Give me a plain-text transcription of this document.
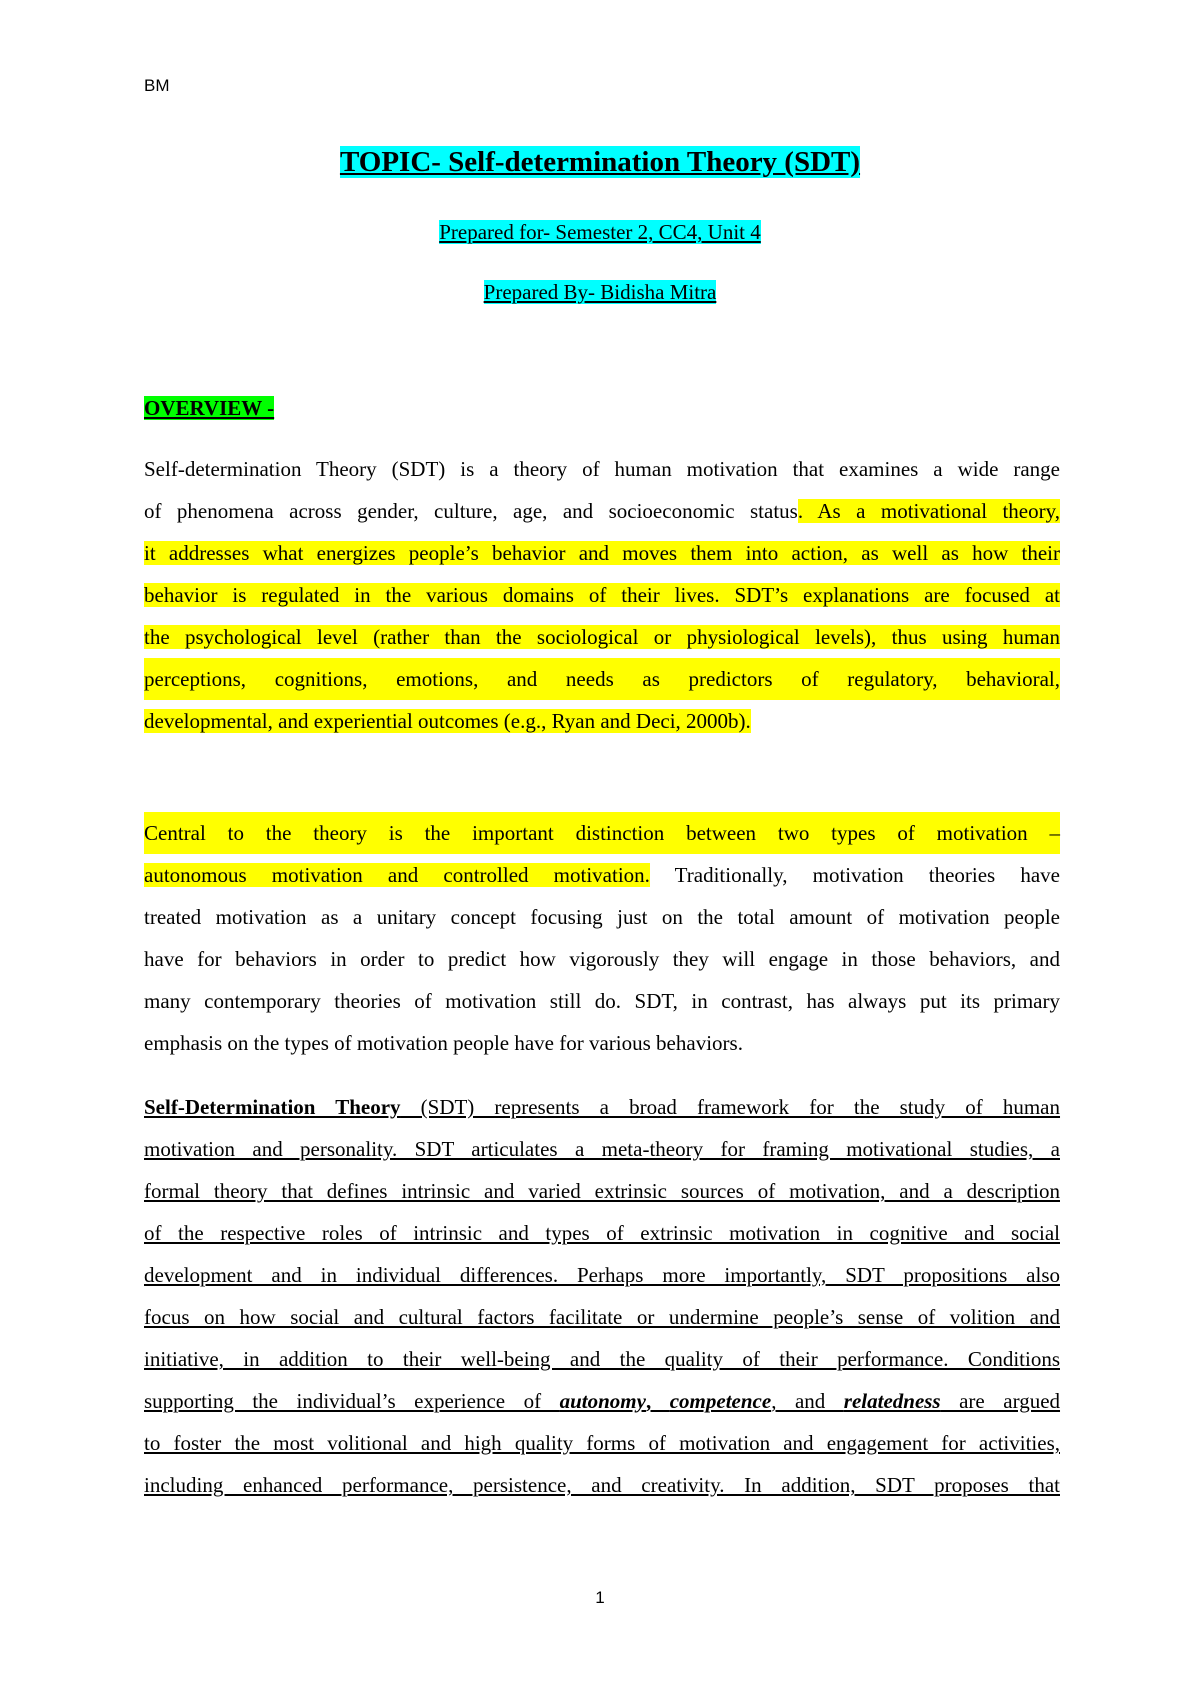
BM
TOPIC- Self-determination Theory (SDT)
Prepared for- Semester 2, CC4, Unit 4
Prepared By- Bidisha Mitra
OVERVIEW -
Self-determination Theory (SDT) is a theory of human motivation that examines a wide range
of phenomena across gender, culture, age, and socioeconomic status. As a motivational theory,
it addresses what energizes people’s behavior and moves them into action, as well as how their
behavior is regulated in the various domains of their lives. SDT’s explanations are focused at
the psychological level (rather than the sociological or physiological levels), thus using human
perceptions, cognitions, emotions, and needs as predictors of regulatory, behavioral,
developmental, and experiential outcomes (e.g., Ryan and Deci, 2000b).
Central to the theory is the important distinction between two types of motivation –
autonomous motivation and controlled motivation. Traditionally, motivation theories have
treated motivation as a unitary concept focusing just on the total amount of motivation people
have for behaviors in order to predict how vigorously they will engage in those behaviors, and
many contemporary theories of motivation still do. SDT, in contrast, has always put its primary
emphasis on the types of motivation people have for various behaviors.
Self-Determination Theory (SDT) represents a broad framework for the study of human
motivation and personality. SDT articulates a meta-theory for framing motivational studies, a
formal theory that defines intrinsic and varied extrinsic sources of motivation, and a description
of the respective roles of intrinsic and types of extrinsic motivation in cognitive and social
development and in individual differences. Perhaps more importantly, SDT propositions also
focus on how social and cultural factors facilitate or undermine people’s sense of volition and
initiative, in addition to their well-being and the quality of their performance. Conditions
supporting the individual’s experience of autonomy, competence, and relatedness are argued
to foster the most volitional and high quality forms of motivation and engagement for activities,
including enhanced performance, persistence, and creativity. In addition, SDT proposes that
1
